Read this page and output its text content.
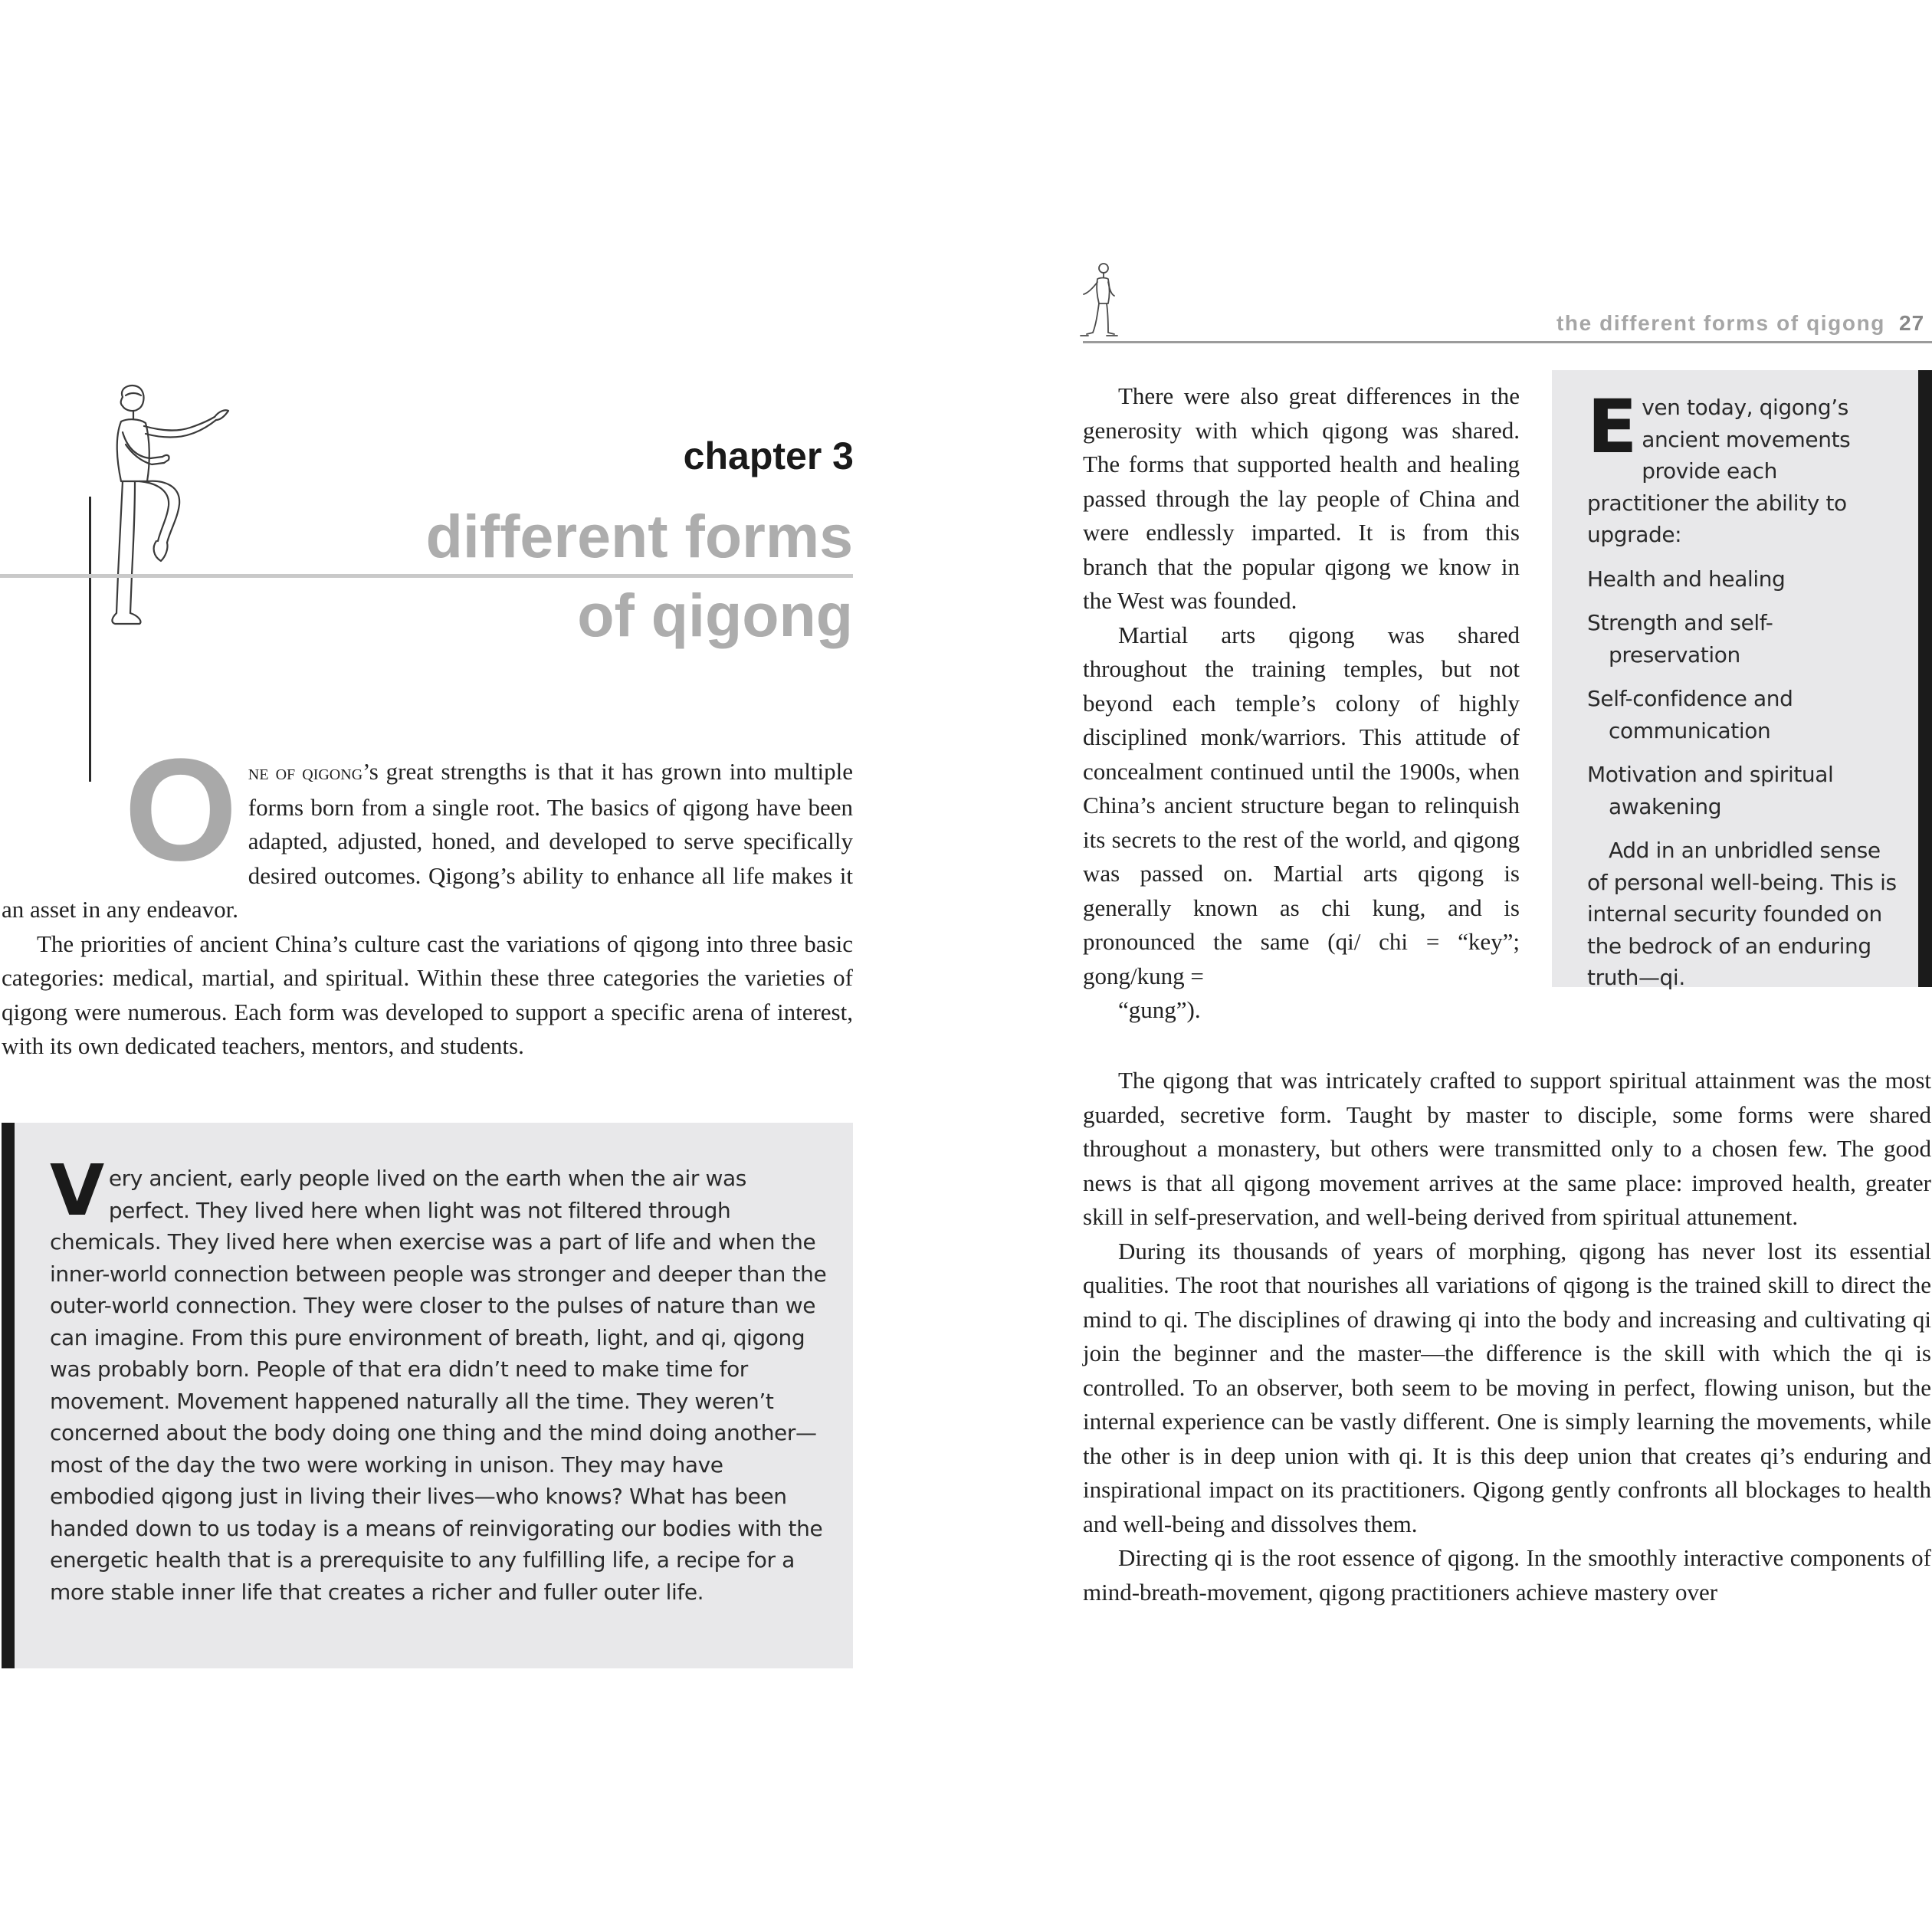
chapter 3
different forms
of qigong

One of qigong’s great strengths is that it has grown into multiple forms born from a single root. The basics of qigong have been adapted, adjusted, honed, and developed to serve specifically desired outcomes. Qigong’s ability to enhance all life makes it an asset in any endeavor.

The priorities of ancient China’s culture cast the variations of qigong into three basic categories: medical, martial, and spiritual. Within these three categories the varieties of qigong were numerous. Each form was developed to support a specific arena of interest, with its own dedicated teachers, mentors, and students.

Very ancient, early people lived on the earth when the air was perfect. They lived here when light was not filtered through chemicals. They lived here when exercise was a part of life and when the inner-world connection between people was stronger and deeper than the outer-world connection. They were closer to the pulses of nature than we can imagine. From this pure environment of breath, light, and qi, qigong was probably born. People of that era didn’t need to make time for movement. Movement happened naturally all the time. They weren’t concerned about the body doing one thing and the mind doing another—most of the day the two were working in unison. They may have embodied qigong just in living their lives—who knows? What has been handed down to us today is a means of reinvigorating our bodies with the energetic health that is a prerequisite to any fulfilling life, a recipe for a more stable inner life that creates a richer and fuller outer life.

the different forms of qigong 27

There were also great differences in the generosity with which qigong was shared. The forms that supported health and healing passed through the lay people of China and were endlessly imparted. It is from this branch that the popular qigong we know in the West was founded.

Martial arts qigong was shared throughout the training temples, but not beyond each temple’s colony of highly disciplined monk/warriors. This attitude of concealment continued until the 1900s, when China’s ancient structure began to relinquish its secrets to the rest of the world, and qigong was passed on. Martial arts qigong is generally known as chi kung, and is pronounced the same (qi/ chi = “key”; gong/kung =

“gung”).

Even today, qigong’s ancient movements provide each practitioner the ability to upgrade:

Health and healing

Strength and self-preservation

Self-confidence and communication

Motivation and spiritual awakening

Add in an unbridled sense of personal well-being. This is internal security founded on the bedrock of an enduring truth—qi.

The qigong that was intricately crafted to support spiritual attainment was the most guarded, secretive form. Taught by master to disciple, some forms were shared throughout a monastery, but others were transmitted only to a chosen few. The good news is that all qigong movement arrives at the same place: improved health, greater skill in self-preservation, and well-being derived from spiritual attunement.

During its thousands of years of morphing, qigong has never lost its essential qualities. The root that nourishes all variations of qigong is the trained skill to direct the mind to qi. The disciplines of drawing qi into the body and increasing and cultivating qi join the beginner and the master—the difference is the skill with which the qi is controlled. To an observer, both seem to be moving in perfect, flowing unison, but the internal experience can be vastly different. One is simply learning the movements, while the other is in deep union with qi. It is this deep union that creates qi’s enduring and inspirational impact on its practitioners. Qigong gently confronts all blockages to health and well-being and dissolves them.

Directing qi is the root essence of qigong. In the smoothly interactive components of mind-breath-movement, qigong practitioners achieve mastery over
